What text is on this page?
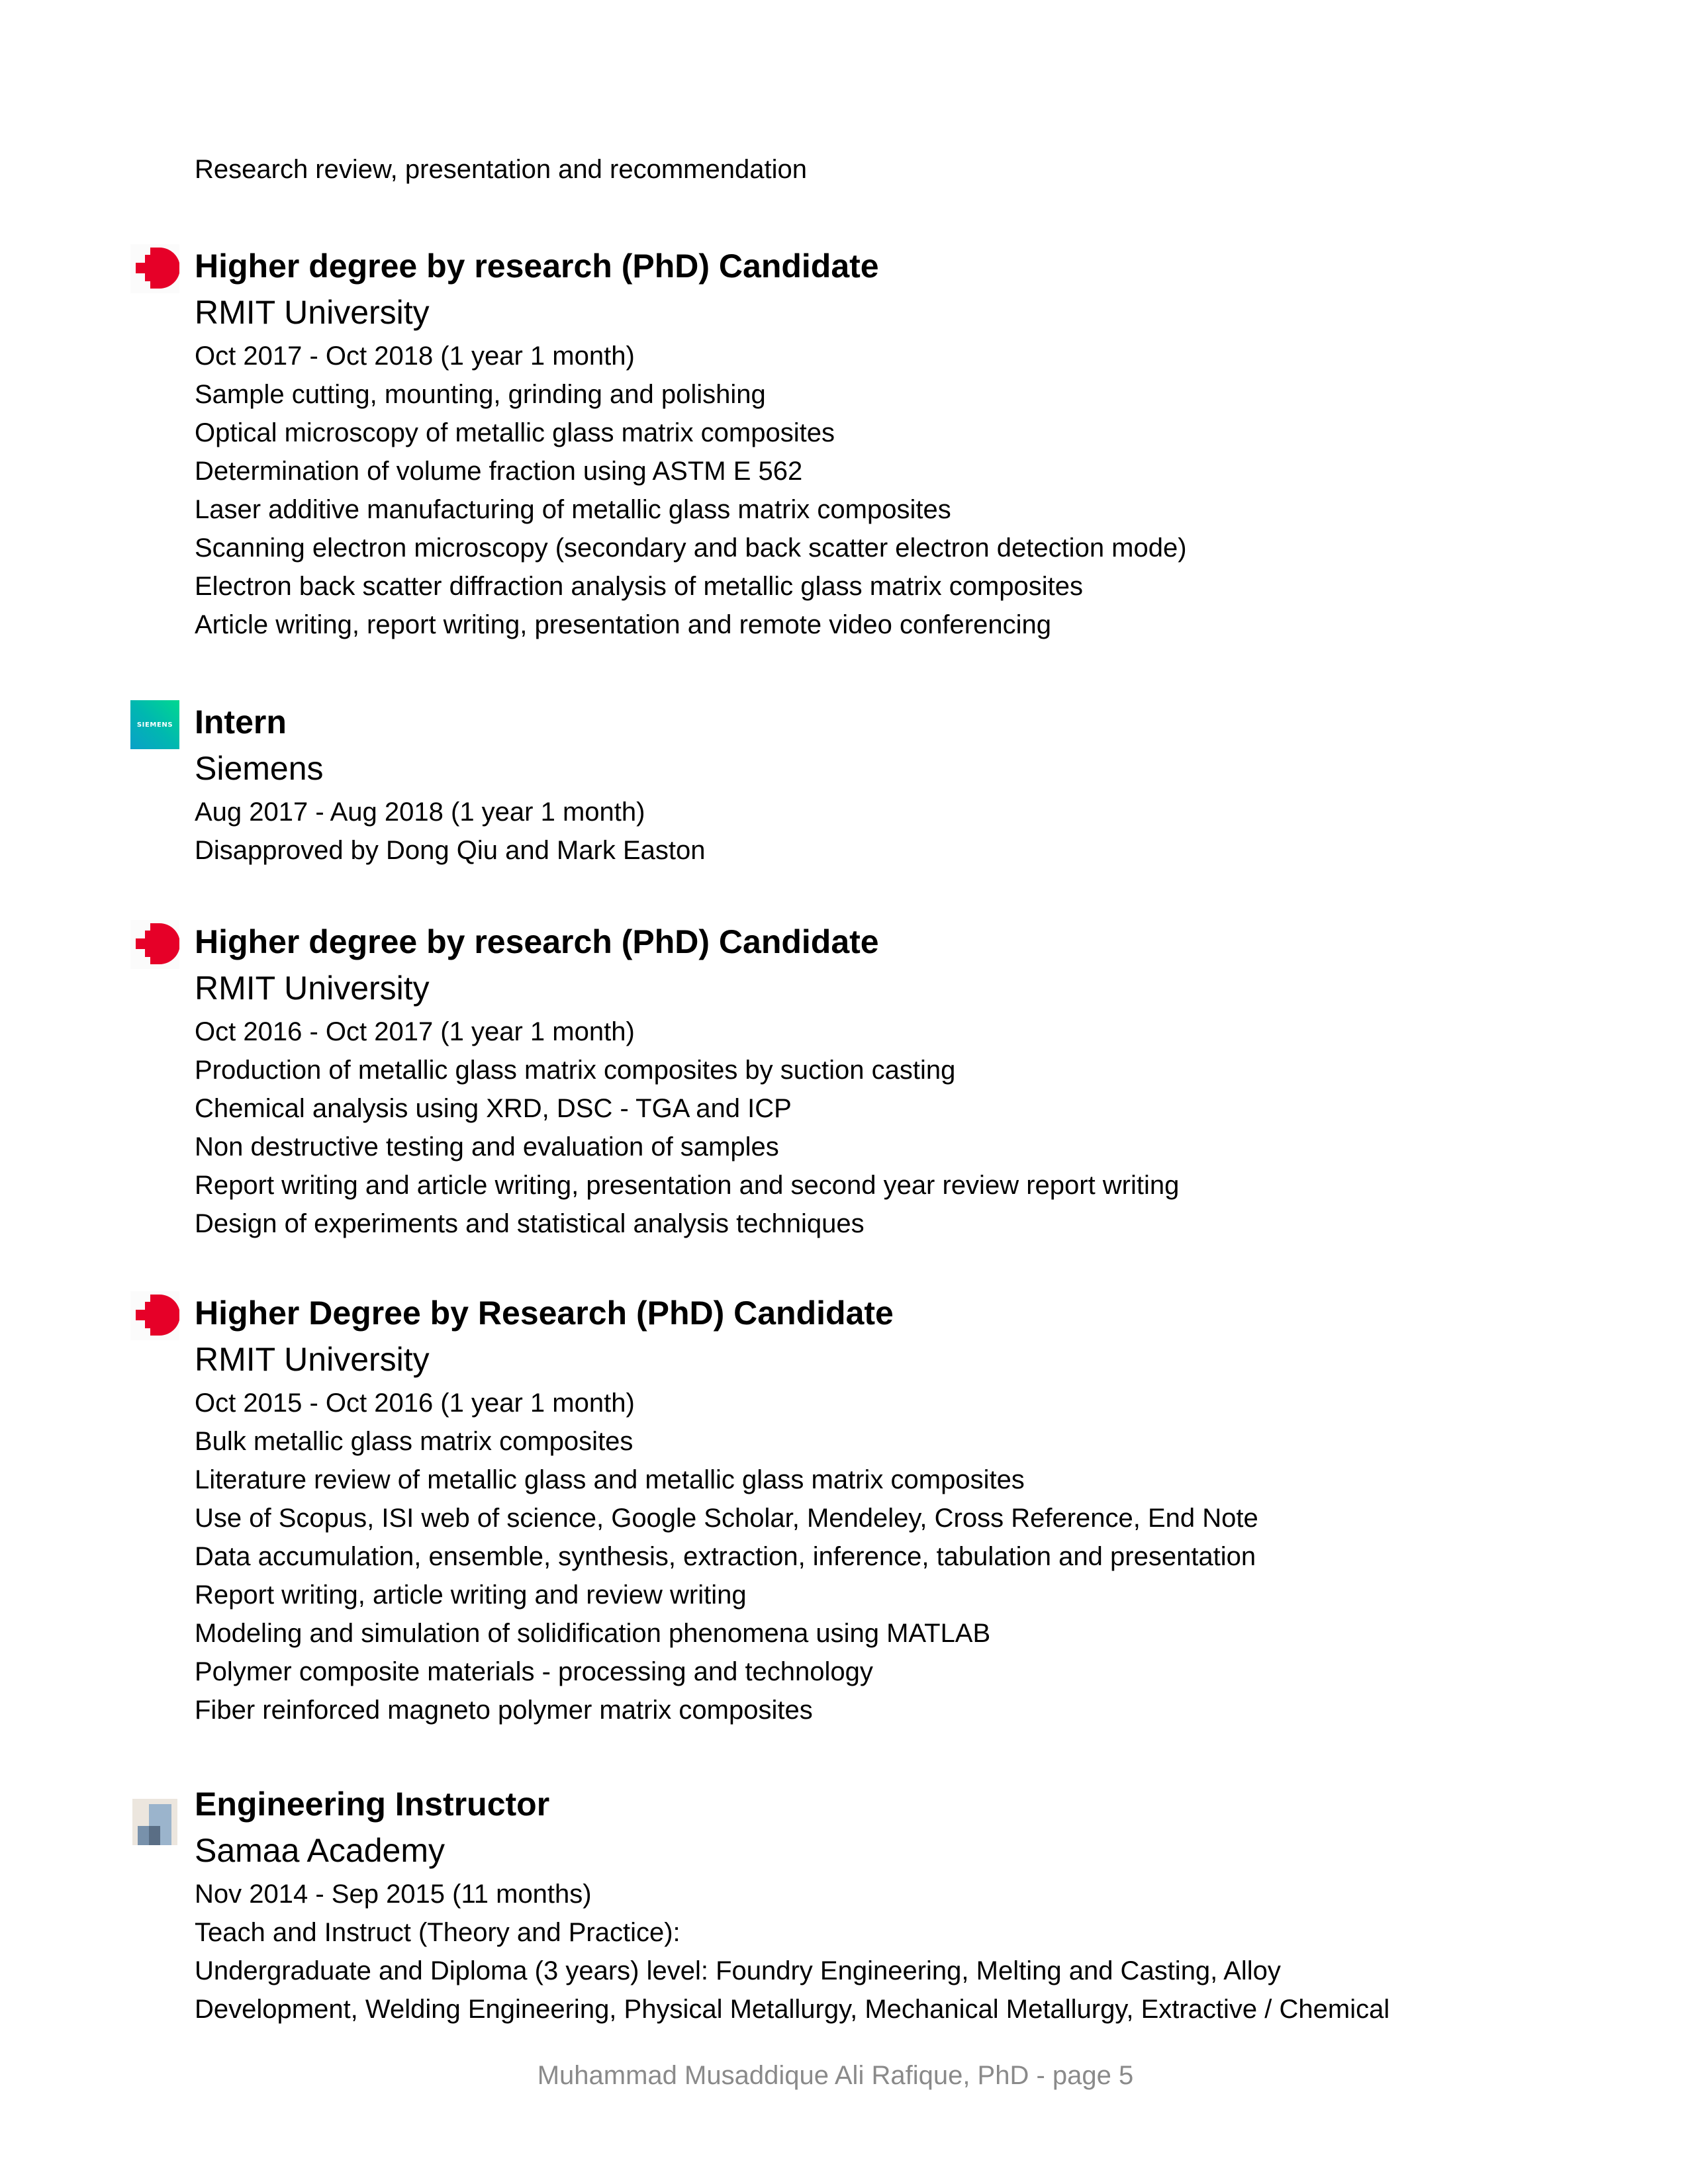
Research review, presentation and recommendation
SIEMENS
Higher degree by research (PhD) Candidate
RMIT University
Oct 2017 - Oct 2018 (1 year 1 month)
Sample cutting, mounting, grinding and polishing
Optical microscopy of metallic glass matrix composites
Determination of volume fraction using ASTM E 562
Laser additive manufacturing of metallic glass matrix composites
Scanning electron microscopy (secondary and back scatter electron detection mode)
Electron back scatter diffraction analysis of metallic glass matrix composites
Article writing, report writing, presentation and remote video conferencing
Intern
Siemens
Aug 2017 - Aug 2018 (1 year 1 month)
Disapproved by Dong Qiu and Mark Easton
Higher degree by research (PhD) Candidate
RMIT University
Oct 2016 - Oct 2017 (1 year 1 month)
Production of metallic glass matrix composites by suction casting
Chemical analysis using XRD, DSC - TGA and ICP
Non destructive testing and evaluation of samples
Report writing and article writing, presentation and second year review report writing
Design of experiments and statistical analysis techniques
Higher Degree by Research (PhD) Candidate
RMIT University
Oct 2015 - Oct 2016 (1 year 1 month)
Bulk metallic glass matrix composites
Literature review of metallic glass and metallic glass matrix composites
Use of Scopus, ISI web of science, Google Scholar, Mendeley, Cross Reference, End Note
Data accumulation, ensemble, synthesis, extraction, inference, tabulation and presentation
Report writing, article writing and review writing
Modeling and simulation of solidification phenomena using MATLAB
Polymer composite materials - processing and technology
Fiber reinforced magneto polymer matrix composites
Engineering Instructor
Samaa Academy
Nov 2014 - Sep 2015 (11 months)
Teach and Instruct (Theory and Practice):
Undergraduate and Diploma (3 years) level: Foundry Engineering, Melting and Casting, Alloy
Development, Welding Engineering, Physical Metallurgy, Mechanical Metallurgy, Extractive / Chemical
Muhammad Musaddique Ali Rafique, PhD - page 5
